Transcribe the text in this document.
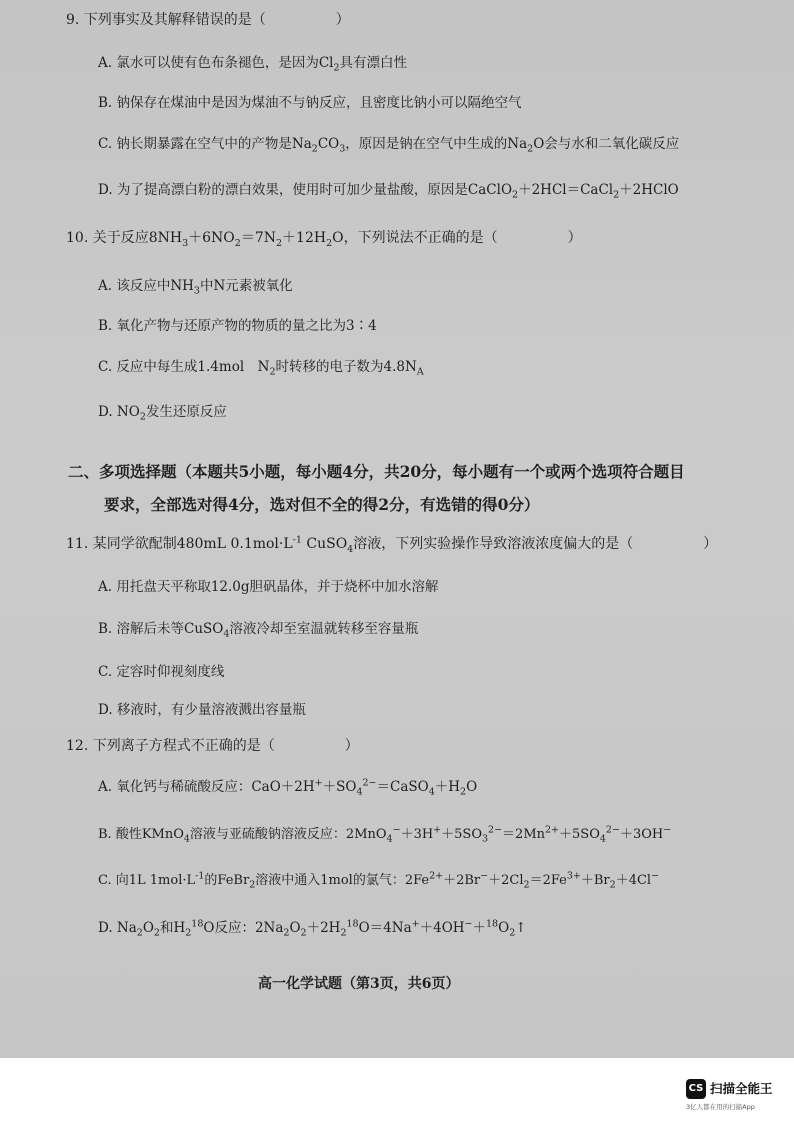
9. 下列事实及其解释错误的是（　　　　　）
A. 氯水可以使有色布条褪色，是因为$Cl_2$具有漂白性
B. 钠保存在煤油中是因为煤油不与钠反应，且密度比钠小可以隔绝空气
C. 钠长期暴露在空气中的产物是$Na_2CO_3$，原因是钠在空气中生成的$Na_2O$会与水和二氧化碳反应
D. 为了提高漂白粉的漂白效果，使用时可加少量盐酸，原因是CaClO$_2$＋2HCl＝CaCl$_2$＋2HClO
10. 关于反应$8NH_3+6NO_2=7N_2+12H_2O$，下列说法不正确的是（　　　　　）
A. 该反应中$NH_3$中N元素被氧化
B. 氧化产物与还原产物的物质的量之比为3∶4
C. 反应中每生成1.4mol　$N_2$时转移的电子数为$4.8N_A$
D. $NO_2$发生还原反应
二、多项选择题（本题共5小题，每小题4分，共20分，每小题有一个或两个选项符合题目
要求，全部选对得4分，选对但不全的得2分，有选错的得0分）
11. 某同学欲配制480mL $0.1mol\cdot L^{-1}$ CuSO$_4$溶液，下列实验操作导致溶液浓度偏大的是（　　　　　）
A. 用托盘天平称取12.0g胆矾晶体，并于烧杯中加水溶解
B. 溶解后未等CuSO$_4$溶液冷却至室温就转移至容量瓶
C. 定容时仰视刻度线
D. 移液时，有少量溶液溅出容量瓶
12. 下列离子方程式不正确的是（　　　　　）
A. 氧化钙与稀硫酸反应：$CaO+2H^++SO_4^{2-}=CaSO_4+H_2O$
B. 酸性KMnO$_4$溶液与亚硫酸钠溶液反应：$2MnO_4^-+3H^++5SO_3^{2-}=2Mn^{2+}+5SO_4^{2-}+3OH^-$
C. 向1L $1mol\cdot L^{-1}$的FeBr$_2$溶液中通入1mol的氯气：$2Fe^{2+}+2Br^-+2Cl_2=2Fe^{3+}+Br_2+4Cl^-$
D. $Na_2O_2$和$H_2^{18}O$反应：$2Na_2O_2+2H_2^{18}O=4Na^++4OH^-+^{18}O_2↑$
高一化学试题（第3页，共6页）
CS 扫描全能王
3亿人都在用的扫描App
